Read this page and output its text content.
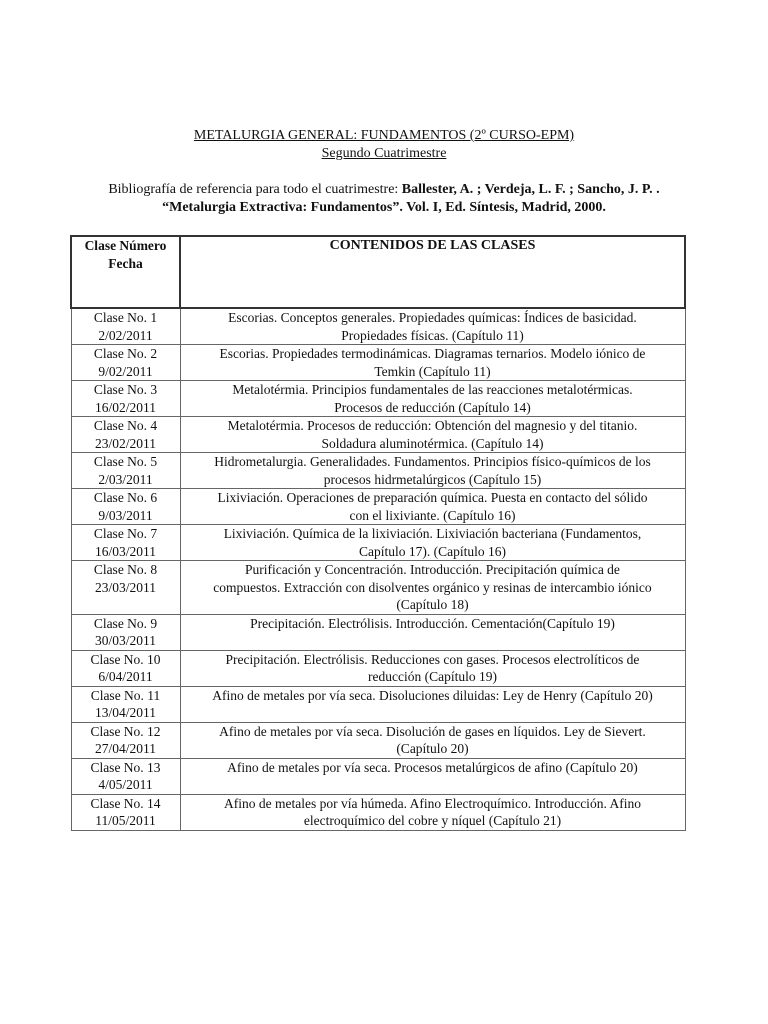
METALURGIA GENERAL: FUNDAMENTOS (2º CURSO-EPM)
Segundo Cuatrimestre
Bibliografía de referencia para todo el cuatrimestre: Ballester, A. ; Verdeja, L. F. ; Sancho, J. P. .
“Metalurgia Extractiva: Fundamentos”. Vol. I, Ed. Síntesis, Madrid, 2000.
Clase Número
Fecha	CONTENIDOS DE LAS CLASES

Clase No. 1
2/02/2011	Escorias. Conceptos generales. Propiedades químicas: Índices de basicidad.
Propiedades físicas. (Capítulo 11)

Clase No. 2
9/02/2011	Escorias. Propiedades termodinámicas. Diagramas ternarios. Modelo iónico de
Temkin (Capítulo 11)

Clase No. 3
16/02/2011	Metalotérmia. Principios fundamentales de las reacciones metalotérmicas.
Procesos de reducción (Capítulo 14)

Clase No. 4
23/02/2011	Metalotérmia. Procesos de reducción: Obtención del magnesio y del titanio.
Soldadura aluminotérmica. (Capítulo 14)

Clase No. 5
2/03/2011	Hidrometalurgia. Generalidades. Fundamentos. Principios físico-químicos de los
procesos hidrmetalúrgicos (Capítulo 15)

Clase No. 6
9/03/2011	Lixiviación. Operaciones de preparación química. Puesta en contacto del sólido
con el lixiviante. (Capítulo 16)

Clase No. 7
16/03/2011	Lixiviación. Química de la lixiviación. Lixiviación bacteriana (Fundamentos,
Capítulo 17). (Capítulo 16)

Clase No. 8
23/03/2011	Purificación y Concentración. Introducción. Precipitación química de
compuestos. Extracción con disolventes orgánico y resinas de intercambio iónico
(Capítulo 18)

Clase No. 9
30/03/2011	Precipitación. Electrólisis. Introducción. Cementación(Capítulo 19)

Clase No. 10
6/04/2011	Precipitación. Electrólisis. Reducciones con gases. Procesos electrolíticos de
reducción (Capítulo 19)

Clase No. 11
13/04/2011	Afino de metales por vía seca. Disoluciones diluidas: Ley de Henry (Capítulo 20)

Clase No. 12
27/04/2011	Afino de metales por vía seca. Disolución de gases en líquidos. Ley de Sievert.
(Capítulo 20)

Clase No. 13
4/05/2011	Afino de metales por vía seca. Procesos metalúrgicos de afino (Capítulo 20)

Clase No. 14
11/05/2011	Afino de metales por vía húmeda. Afino Electroquímico. Introducción. Afino
electroquímico del cobre y níquel (Capítulo 21)
